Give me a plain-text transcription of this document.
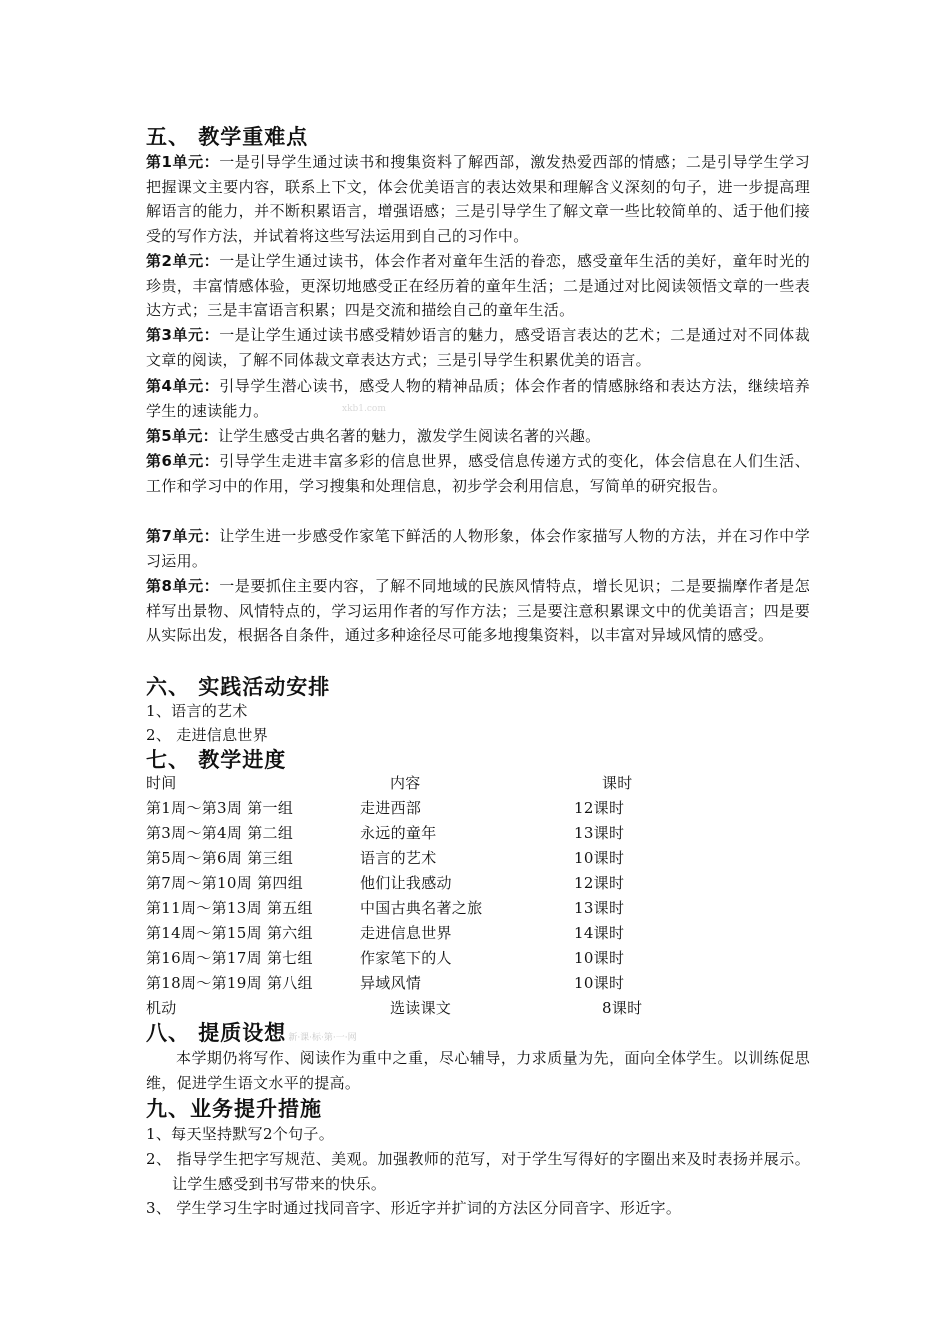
五、 教学重难点
第1单元：一是引导学生通过读书和搜集资料了解西部，激发热爱西部的情感；二是引导学生学习把握课文主要内容，联系上下文，体会优美语言的表达效果和理解含义深刻的句子，进一步提高理解语言的能力，并不断积累语言，增强语感；三是引导学生了解文章一些比较简单的、适于他们接受的写作方法，并试着将这些写法运用到自己的习作中。
第2单元：一是让学生通过读书，体会作者对童年生活的眷恋，感受童年生活的美好，童年时光的珍贵，丰富情感体验，更深切地感受正在经历着的童年生活；二是通过对比阅读领悟文章的一些表达方式；三是丰富语言积累；四是交流和描绘自己的童年生活。
第3单元：一是让学生通过读书感受精妙语言的魅力，感受语言表达的艺术；二是通过对不同体裁文章的阅读，了解不同体裁文章表达方式；三是引导学生积累优美的语言。
第4单元：引导学生潜心读书，感受人物的精神品质；体会作者的情感脉络和表达方法，继续培养学生的速读能力。	xkb1.com
第5单元：让学生感受古典名著的魅力，激发学生阅读名著的兴趣。
第6单元：引导学生走进丰富多彩的信息世界，感受信息传递方式的变化，体会信息在人们生活、工作和学习中的作用，学习搜集和处理信息，初步学会利用信息，写简单的研究报告。
第7单元：让学生进一步感受作家笔下鲜活的人物形象，体会作家描写人物的方法，并在习作中学习运用。
第8单元：一是要抓住主要内容，了解不同地域的民族风情特点，增长见识；二是要揣摩作者是怎样写出景物、风情特点的，学习运用作者的写作方法；三是要注意积累课文中的优美语言；四是要从实际出发，根据各自条件，通过多种途径尽可能多地搜集资料，以丰富对异域风情的感受。
六、 实践活动安排
1、语言的艺术
2、 走进信息世界
七、 教学进度
时间	内容	课时
第1周～第3周 第一组	走进西部	12课时
第3周～第4周 第二组	永远的童年	13课时
第5周～第6周 第三组	语言的艺术	10课时
第7周～第10周 第四组	他们让我感动	12课时
第11周～第13周 第五组	中国古典名著之旅	13课时
第14周～第15周 第六组	走进信息世界	14课时
第16周～第17周 第七组	作家笔下的人	10课时
第18周～第19周 第八组	异域风情	10课时
机动	选读课文	8课时
八、 提质设想 新·课·标·第·一·网
本学期仍将写作、阅读作为重中之重，尽心辅导，力求质量为先，面向全体学生。以训练促思维，促进学生语文水平的提高。
九、业务提升措施
1、每天坚持默写2个句子。
2、 指导学生把字写规范、美观。加强教师的范写，对于学生写得好的字圈出来及时表扬并展示。让学生感受到书写带来的快乐。
3、 学生学习生字时通过找同音字、形近字并扩词的方法区分同音字、形近字。
